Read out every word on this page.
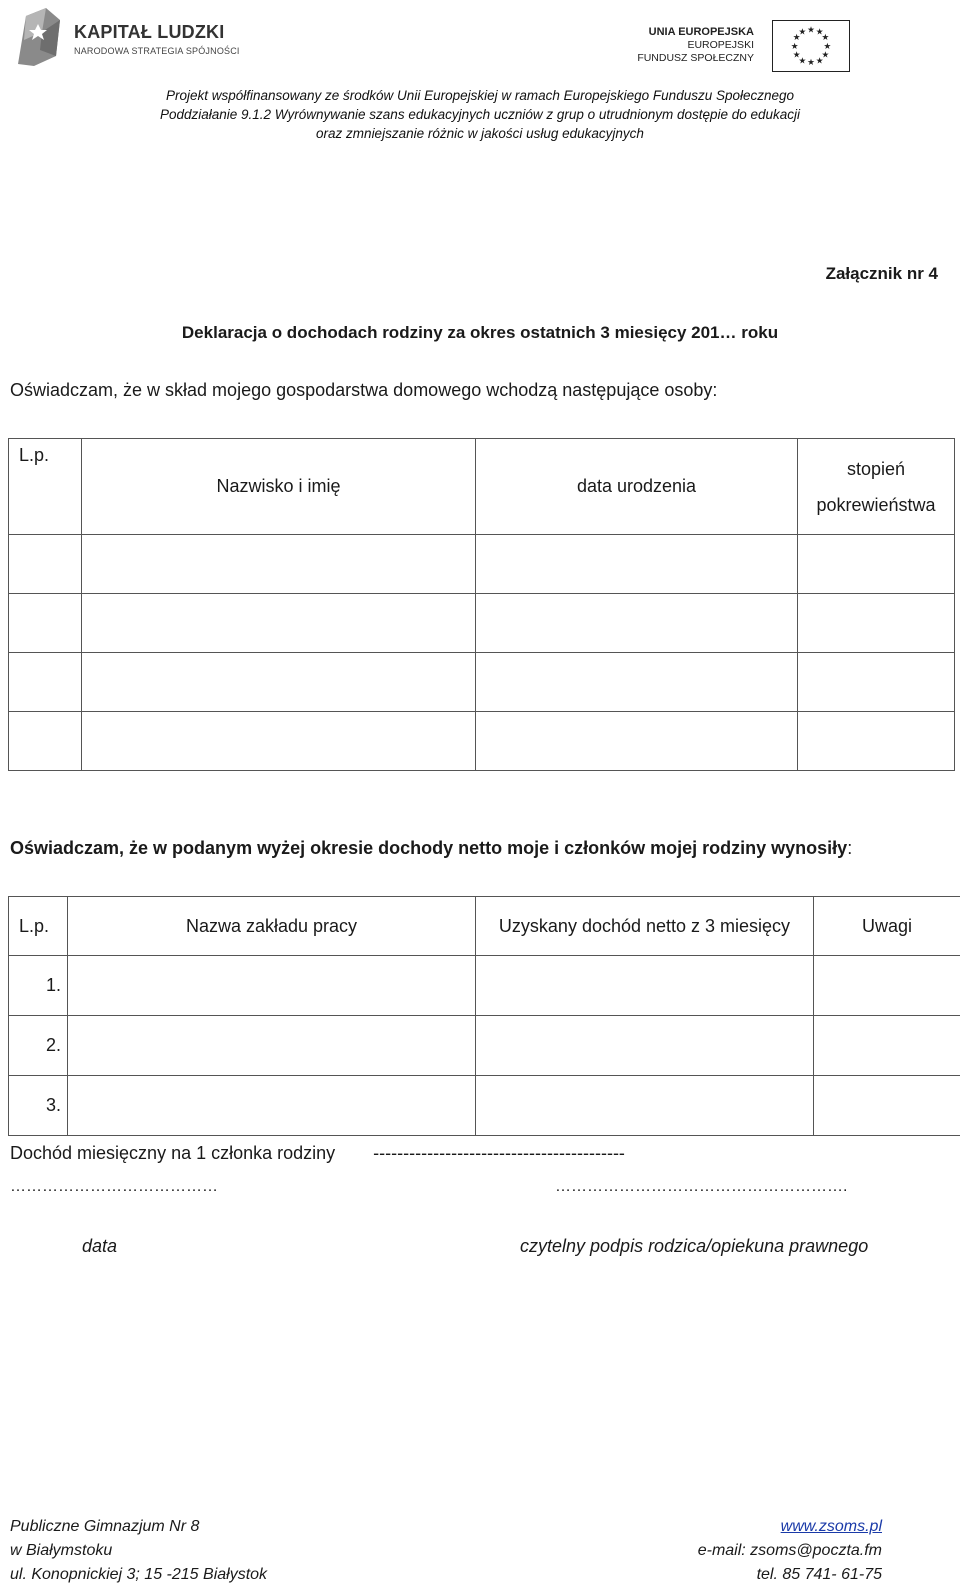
KAPITAŁ LUDZKI
NARODOWA STRATEGIA SPÓJNOŚCI
UNIA EUROPEJSKA
EUROPEJSKI
FUNDUSZ SPOŁECZNY
★ ★
★
★
★
★
★
★
★
★
★
★
Projekt współfinansowany ze środków Unii Europejskiej w ramach Europejskiego Funduszu Społecznego
Poddziałanie 9.1.2 Wyrównywanie szans edukacyjnych uczniów z grup o utrudnionym dostępie do edukacji
oraz zmniejszanie różnic w jakości usług edukacyjnych
Załącznik nr 4
Deklaracja o dochodach rodziny za okres ostatnich 3 miesięcy 201… roku
Oświadczam, że w skład mojego gospodarstwa domowego wchodzą następujące osoby:
L.p.	Nazwisko i imię	data urodzenia	stopień
pokrewieństwa

Oświadczam, że w podanym wyżej okresie dochody netto moje i członków mojej rodziny wynosiły:
L.p.	Nazwa zakładu pracy	Uzyskany dochód netto z 3 miesięcy	Uwagi
1.			
2.			
3.			
Dochód miesięczny na 1 członka rodziny ------------------------------------------
…………………………………	……………………………………………….
data	czytelny podpis rodzica/opiekuna prawnego
Publiczne Gimnazjum Nr 8
w Białymstoku
ul. Konopnickiej 3; 15 -215 Białystok
www.zsoms.pl
e-mail: zsoms@poczta.fm
tel. 85 741- 61-75
